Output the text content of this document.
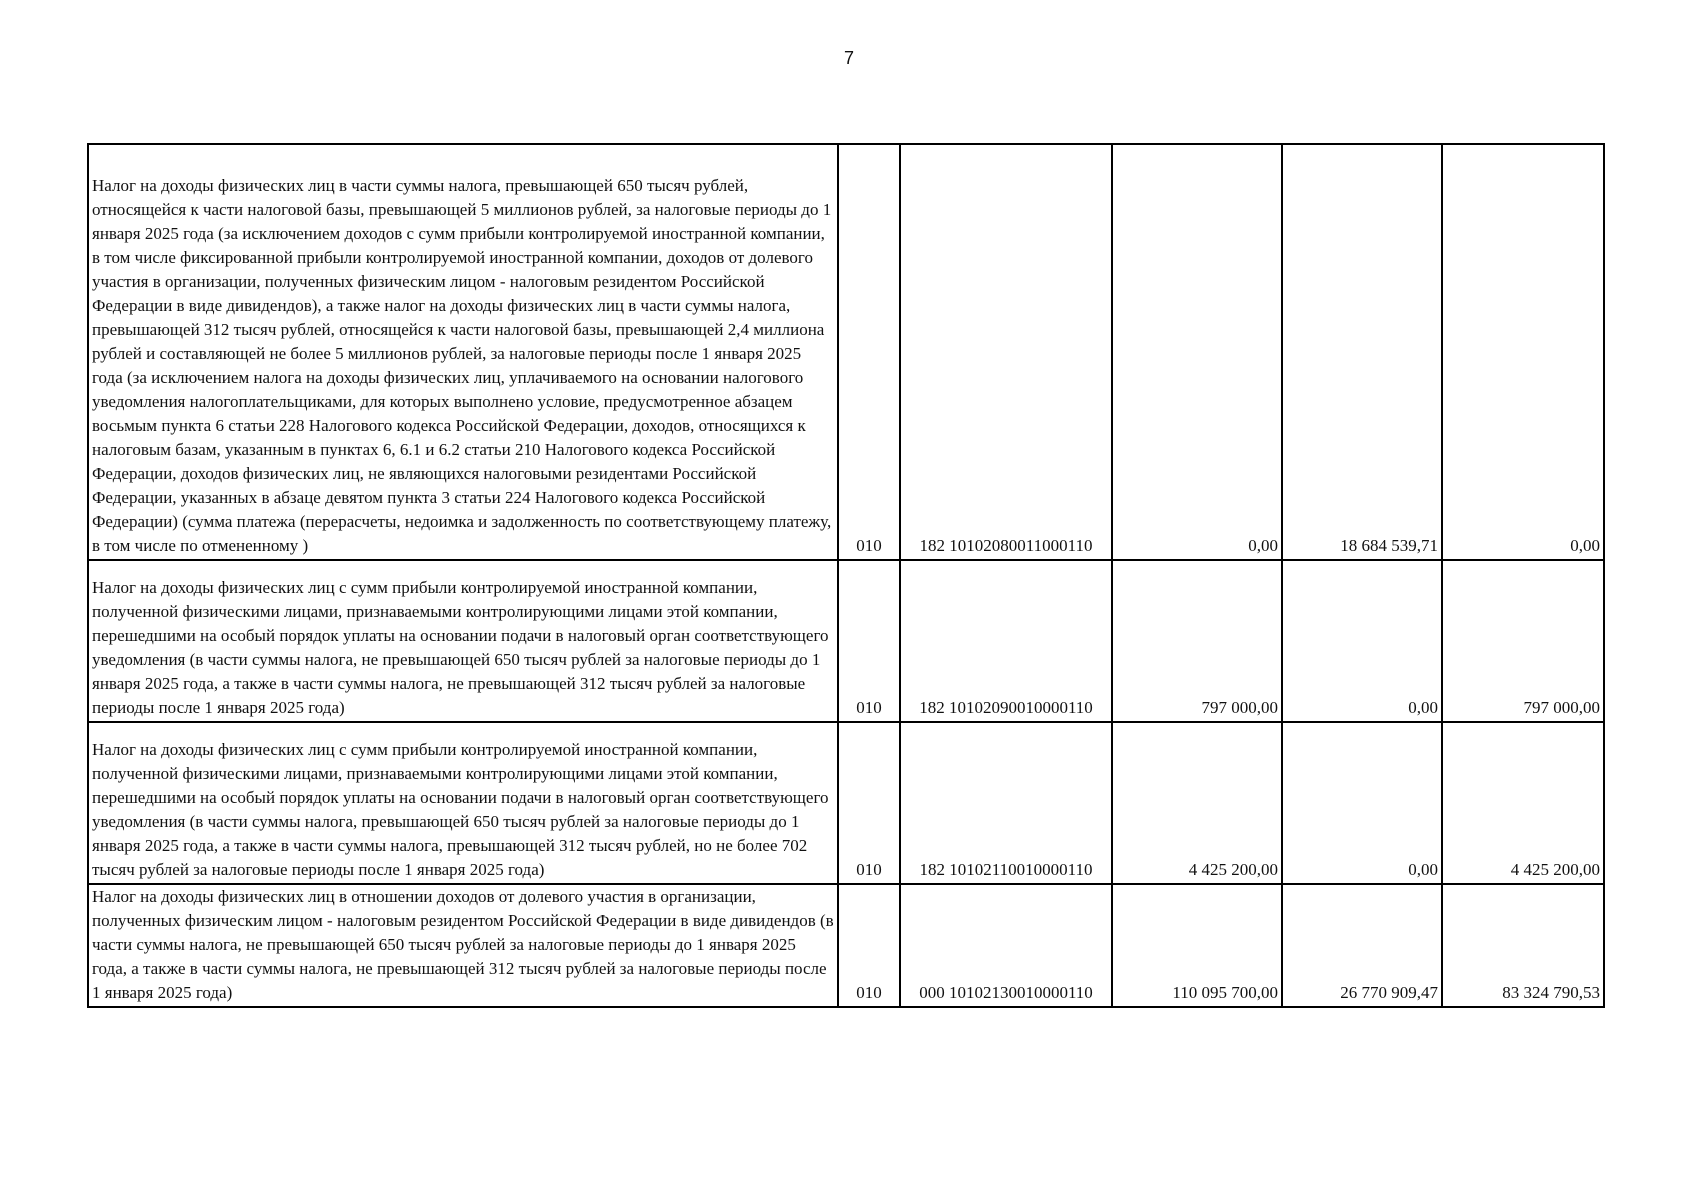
7
Налог на доходы физических лиц в части суммы налога, превышающей 650 тысяч рублей, относящейся к части налоговой базы, превышающей 5 миллионов рублей, за налоговые периоды до 1 января 2025 года (за исключением доходов с сумм прибыли контролируемой иностранной компании, в том числе фиксированной прибыли контролируемой иностранной компании, доходов от долевого участия в организации, полученных физическим лицом - налоговым резидентом Российской Федерации в виде дивидендов), а также налог на доходы физических лиц в части суммы налога, превышающей 312 тысяч рублей, относящейся к части налоговой базы, превышающей 2,4 миллиона рублей и составляющей не более 5 миллионов рублей, за налоговые периоды после 1 января 2025 года (за исключением налога на доходы физических лиц, уплачиваемого на основании налогового уведомления налогоплательщиками, для которых выполнено условие, предусмотренное абзацем восьмым пункта 6 статьи 228 Налогового кодекса Российской Федерации, доходов, относящихся к налоговым базам, указанным в пунктах 6, 6.1 и 6.2 статьи 210 Налогового кодекса Российской Федерации, доходов физических лиц, не являющихся налоговыми резидентами Российской Федерации, указанных в абзаце девятом пункта 3 статьи 224 Налогового кодекса Российской Федерации) (сумма платежа (перерасчеты, недоимка и задолженность по соответствующему платежу, в том числе по отмененному )	010	182 10102080011000110	0,00	18 684 539,71	0,00

Налог на доходы физических лиц с сумм прибыли контролируемой иностранной компании, полученной физическими лицами, признаваемыми контролирующими лицами этой компании, перешедшими на особый порядок уплаты на основании подачи в налоговый орган соответствующего уведомления (в части суммы налога, не превышающей 650 тысяч рублей за налоговые периоды до 1 января 2025 года, а также в части суммы налога, не превышающей 312 тысяч рублей за налоговые периоды после 1 января 2025 года)	010	182 10102090010000110	797 000,00	0,00	797 000,00

Налог на доходы физических лиц с сумм прибыли контролируемой иностранной компании, полученной физическими лицами, признаваемыми контролирующими лицами этой компании, перешедшими на особый порядок уплаты на основании подачи в налоговый орган соответствующего уведомления (в части суммы налога, превышающей 650 тысяч рублей за налоговые периоды до 1 января 2025 года, а также в части суммы налога, превышающей 312 тысяч рублей, но не более 702 тысяч рублей за налоговые периоды после 1 января 2025 года)	010	182 10102110010000110	4 425 200,00	0,00	4 425 200,00

Налог на доходы физических лиц в отношении доходов от долевого участия в организации, полученных физическим лицом - налоговым резидентом Российской Федерации в виде дивидендов (в части суммы налога, не превышающей 650 тысяч рублей за налоговые периоды до 1 января 2025 года, а также в части суммы налога, не превышающей 312 тысяч рублей за налоговые периоды после 1 января 2025 года)	010	000 10102130010000110	110 095 700,00	26 770 909,47	83 324 790,53
